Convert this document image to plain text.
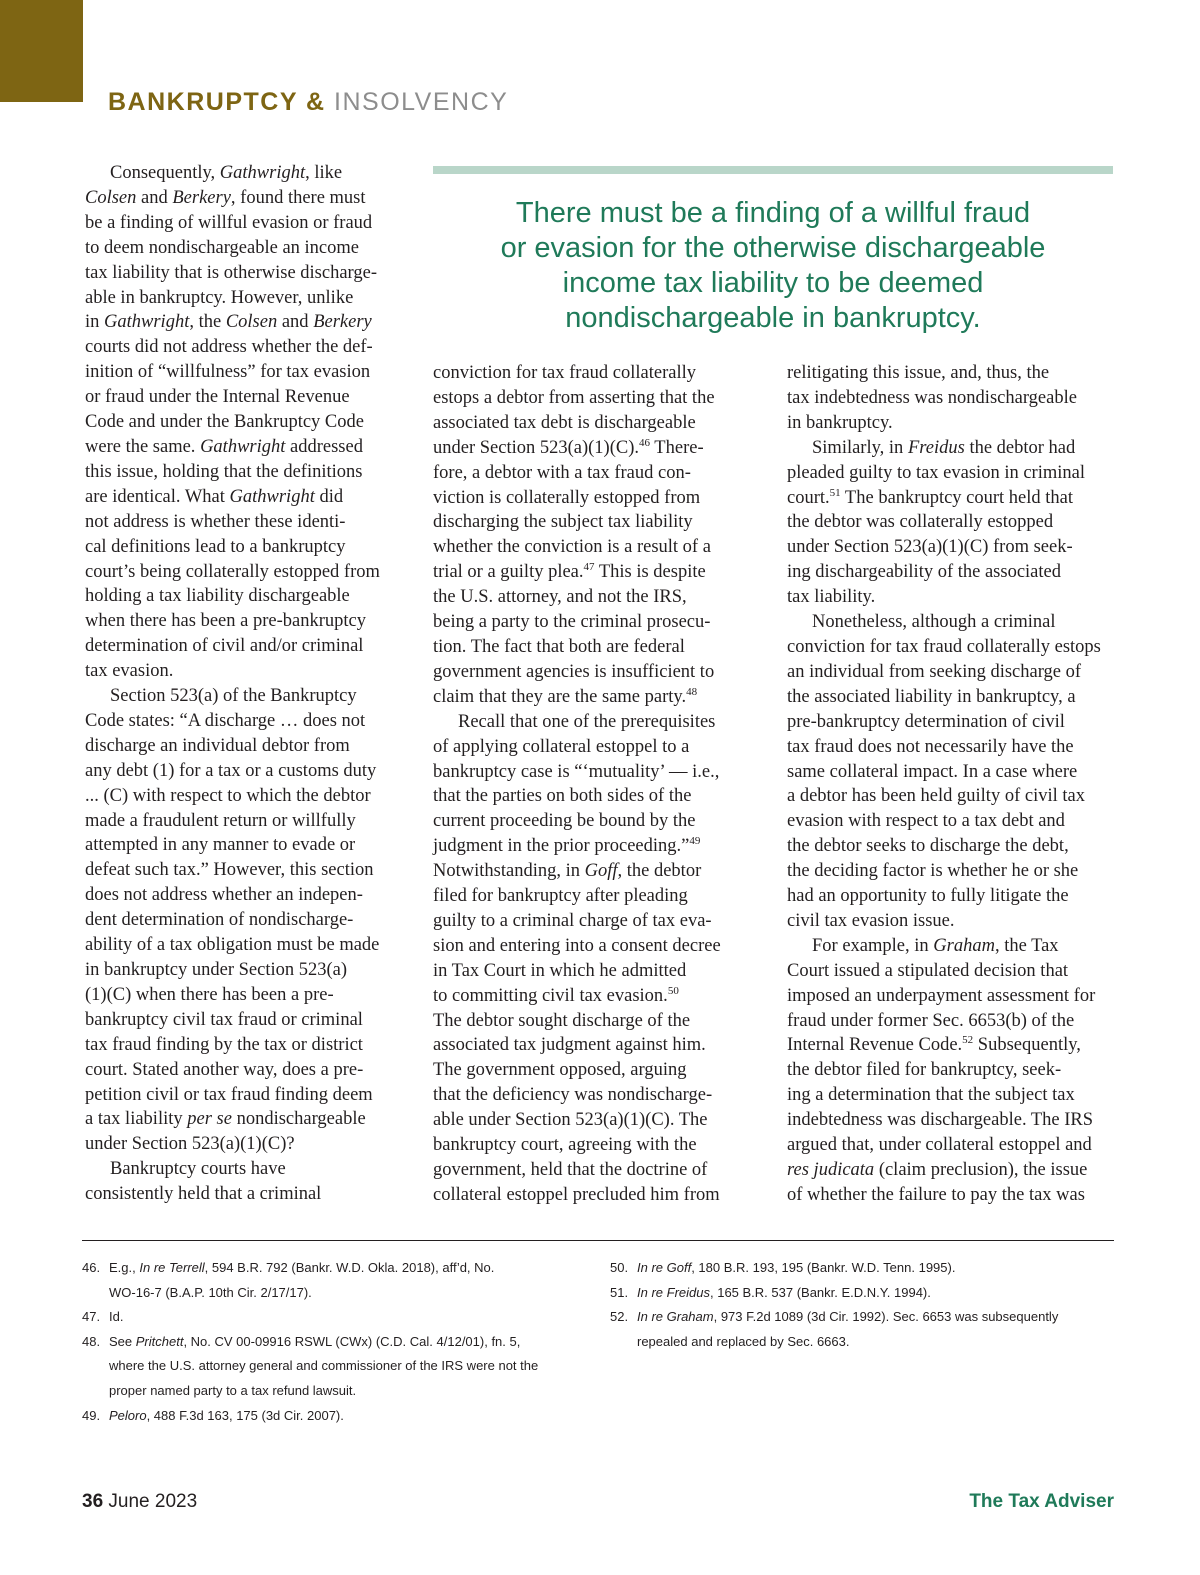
BANKRUPTCY & INSOLVENCY
There must be a finding of a willful fraud
or evasion for the otherwise dischargeable
income tax liability to be deemed
nondischargeable in bankruptcy.
Consequently, Gathwright, like
Colsen and Berkery, found there must
be a finding of willful evasion or fraud
to deem nondischargeable an income
tax liability that is otherwise discharge-
able in bankruptcy. However, unlike
in Gathwright, the Colsen and Berkery
courts did not address whether the def-
inition of “willfulness” for tax evasion
or fraud under the Internal Revenue
Code and under the Bankruptcy Code
were the same. Gathwright addressed
this issue, holding that the definitions
are identical. What Gathwright did
not address is whether these identi-
cal definitions lead to a bankruptcy
court’s being collaterally estopped from
holding a tax liability dischargeable
when there has been a pre-bankruptcy
determination of civil and/or criminal
tax evasion.
Section 523(a) of the Bankruptcy
Code states: “A discharge … does not
discharge an individual debtor from
any debt (1) for a tax or a customs duty
... (C) with respect to which the debtor
made a fraudulent return or willfully
attempted in any manner to evade or
defeat such tax.” However, this section
does not address whether an indepen-
dent determination of nondischarge-
ability of a tax obligation must be made
in bankruptcy under Section 523(a)
(1)(C) when there has been a pre-
bankruptcy civil tax fraud or criminal
tax fraud finding by the tax or district
court. Stated another way, does a pre-
petition civil or tax fraud finding deem
a tax liability per se nondischargeable
under Section 523(a)(1)(C)?
Bankruptcy courts have
consistently held that a criminal
conviction for tax fraud collaterally
estops a debtor from asserting that the
associated tax debt is dischargeable
under Section 523(a)(1)(C).$^{46}$ There-
fore, a debtor with a tax fraud con-
viction is collaterally estopped from
discharging the subject tax liability
whether the conviction is a result of a
trial or a guilty plea.$^{47}$ This is despite
the U.S. attorney, and not the IRS,
being a party to the criminal prosecu-
tion. The fact that both are federal
government agencies is insufficient to
claim that they are the same party.$^{48}$
Recall that one of the prerequisites
of applying collateral estoppel to a
bankruptcy case is “‘mutuality’ — i.e.,
that the parties on both sides of the
current proceeding be bound by the
judgment in the prior proceeding.”$^{49}$
Notwithstanding, in Goff, the debtor
filed for bankruptcy after pleading
guilty to a criminal charge of tax eva-
sion and entering into a consent decree
in Tax Court in which he admitted
to committing civil tax evasion.$^{50}$
The debtor sought discharge of the
associated tax judgment against him.
The government opposed, arguing
that the deficiency was nondischarge-
able under Section 523(a)(1)(C). The
bankruptcy court, agreeing with the
government, held that the doctrine of
collateral estoppel precluded him from
relitigating this issue, and, thus, the
tax indebtedness was nondischargeable
in bankruptcy.
Similarly, in Freidus the debtor had
pleaded guilty to tax evasion in criminal
court.$^{51}$ The bankruptcy court held that
the debtor was collaterally estopped
under Section 523(a)(1)(C) from seek-
ing dischargeability of the associated
tax liability.
Nonetheless, although a criminal
conviction for tax fraud collaterally estops
an individual from seeking discharge of
the associated liability in bankruptcy, a
pre-bankruptcy determination of civil
tax fraud does not necessarily have the
same collateral impact. In a case where
a debtor has been held guilty of civil tax
evasion with respect to a tax debt and
the debtor seeks to discharge the debt,
the deciding factor is whether he or she
had an opportunity to fully litigate the
civil tax evasion issue.
For example, in Graham, the Tax
Court issued a stipulated decision that
imposed an underpayment assessment for
fraud under former Sec. 6653(b) of the
Internal Revenue Code.$^{52}$ Subsequently,
the debtor filed for bankruptcy, seek-
ing a determination that the subject tax
indebtedness was dischargeable. The IRS
argued that, under collateral estoppel and
res judicata (claim preclusion), the issue
of whether the failure to pay the tax was
46. E.g., In re Terrell, 594 B.R. 792 (Bankr. W.D. Okla. 2018), aff’d, No.
WO-16-7 (B.A.P. 10th Cir. 2/17/17).
47. Id.
48. See Pritchett, No. CV 00-09916 RSWL (CWx) (C.D. Cal. 4/12/01), fn. 5,
where the U.S. attorney general and commissioner of the IRS were not the
proper named party to a tax refund lawsuit.
49. Peloro, 488 F.3d 163, 175 (3d Cir. 2007).
50. In re Goff, 180 B.R. 193, 195 (Bankr. W.D. Tenn. 1995).
51. In re Freidus, 165 B.R. 537 (Bankr. E.D.N.Y. 1994).
52. In re Graham, 973 F.2d 1089 (3d Cir. 1992). Sec. 6653 was subsequently
repealed and replaced by Sec. 6663.
36 June 2023	The Tax Adviser
